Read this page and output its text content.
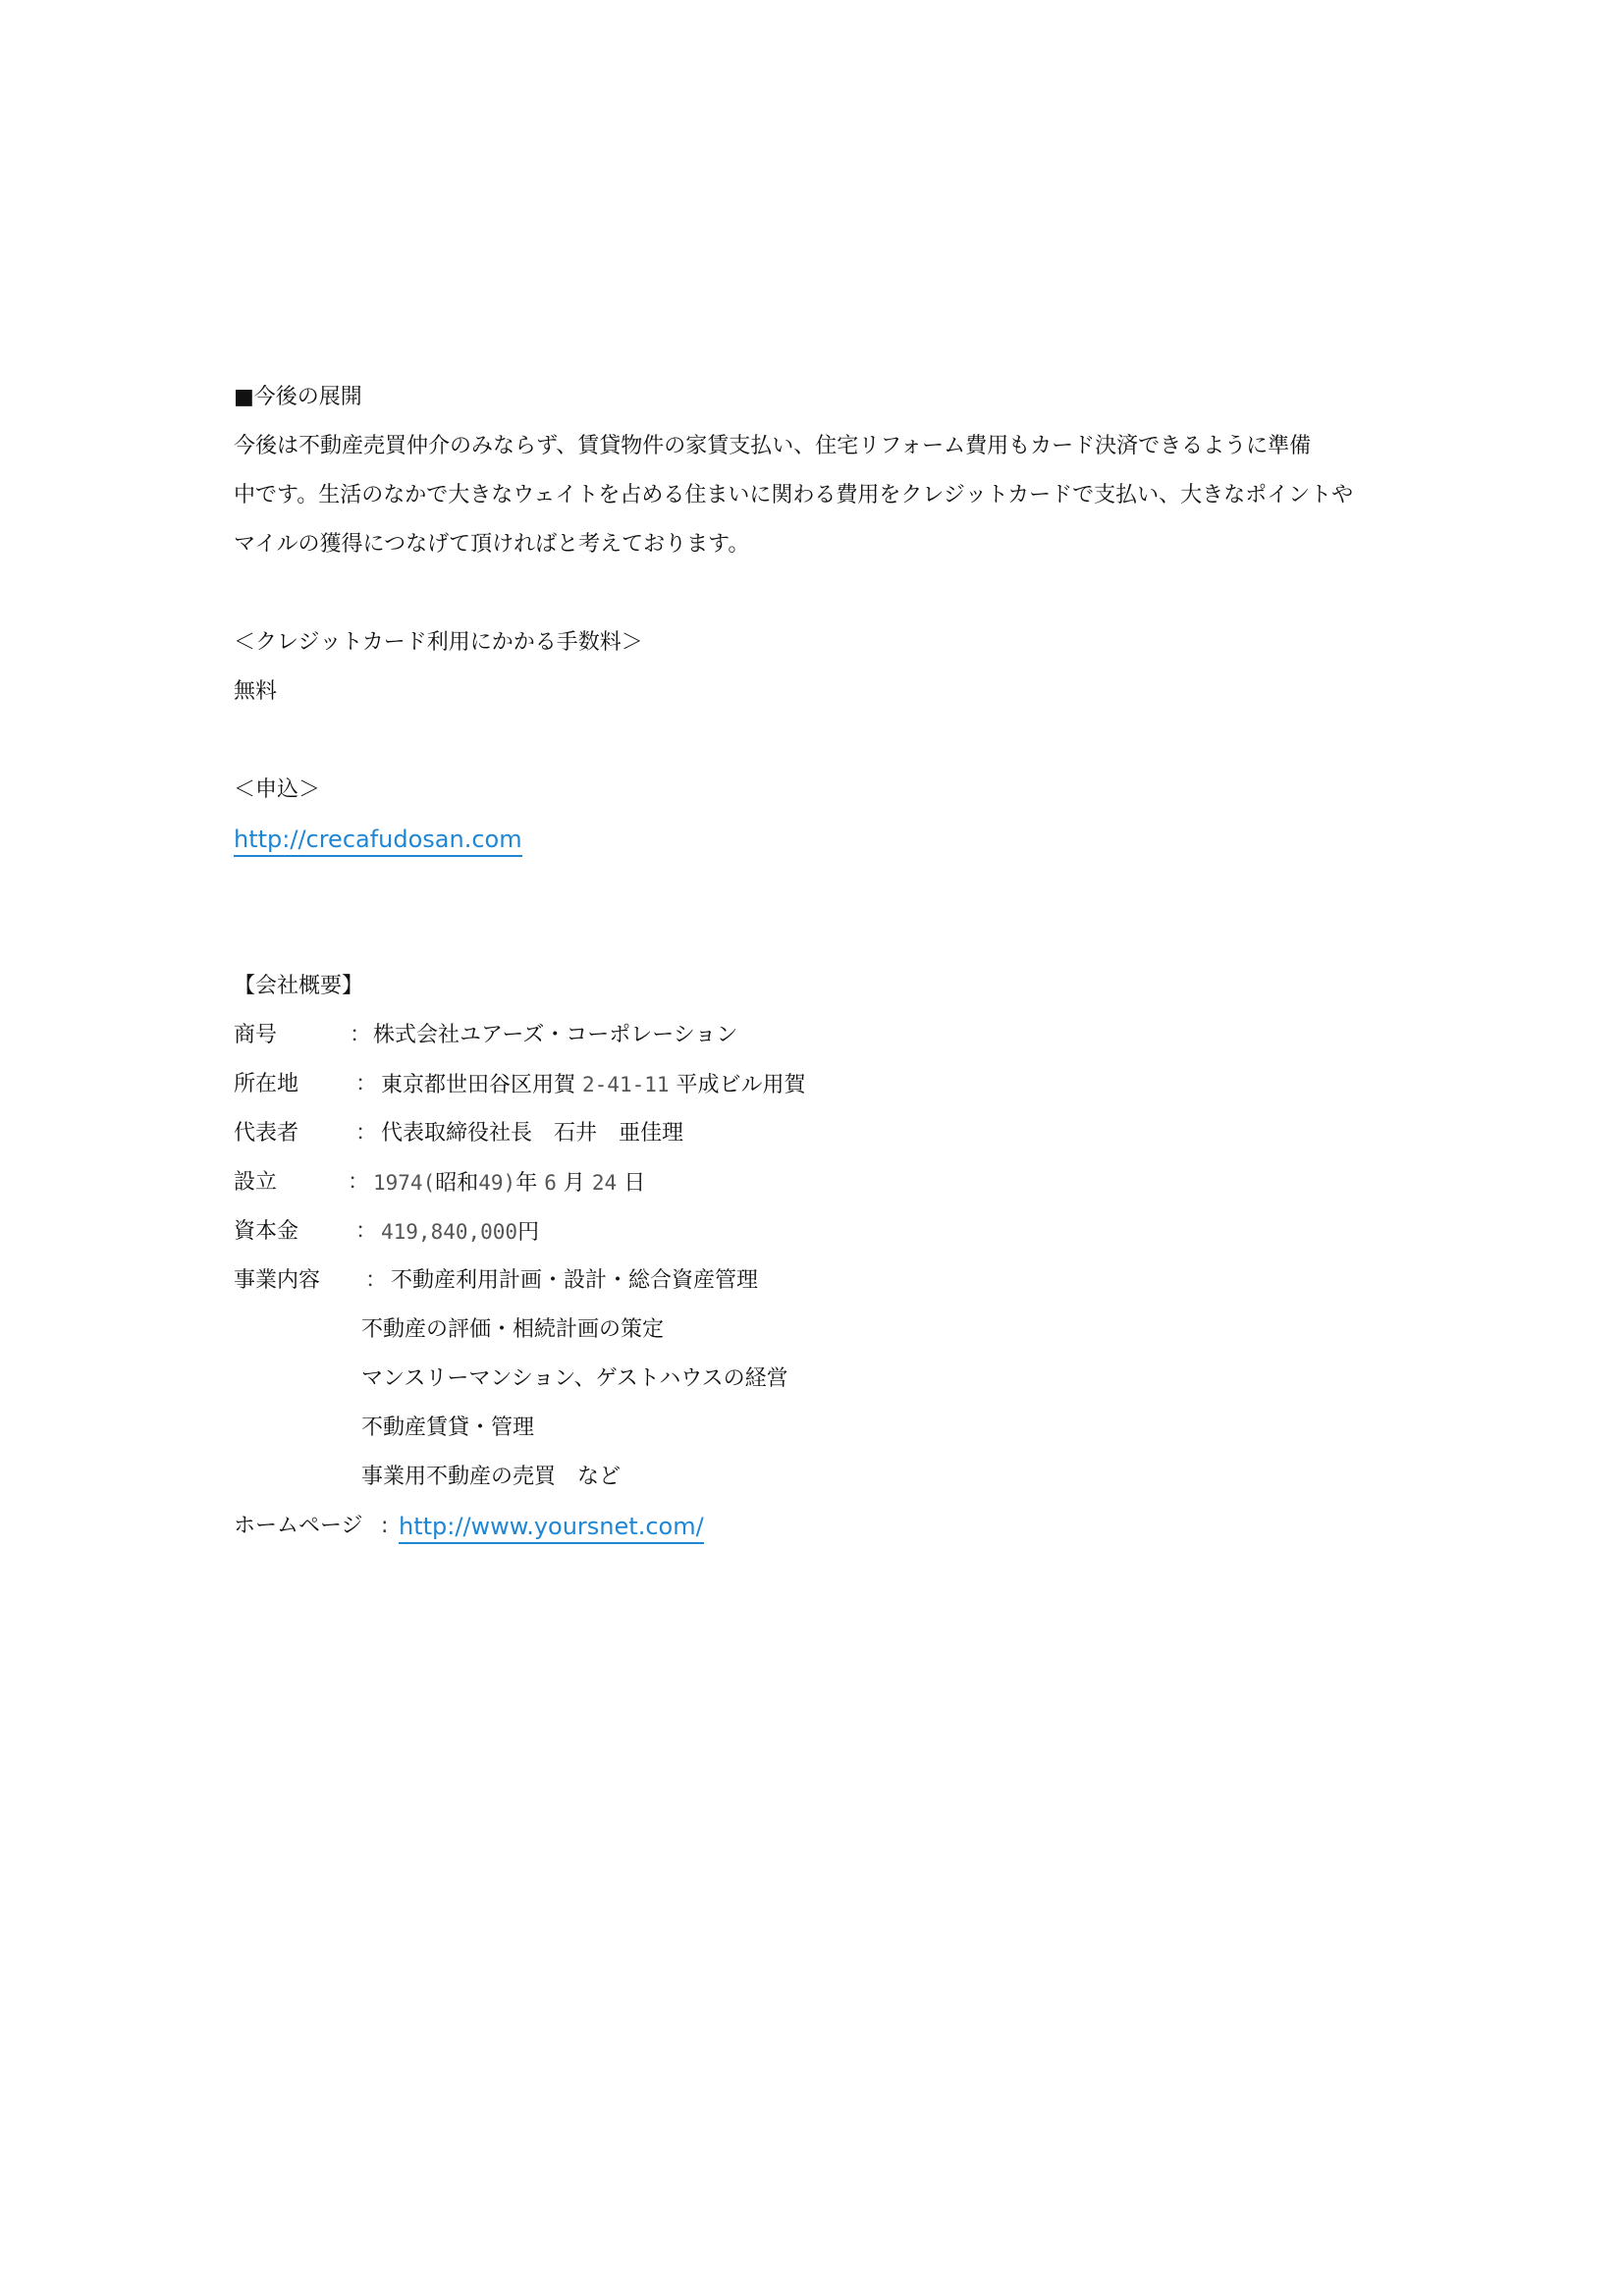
■今後の展開
今後は不動産売買仲介のみならず、賃貸物件の家賃支払い、住宅リフォーム費用もカード決済できるように準備
中です。生活のなかで大きなウェイトを占める住まいに関わる費用をクレジットカードで支払い、大きなポイントや
マイルの獲得につなげて頂ければと考えております。
＜クレジットカード利用にかかる手数料＞
無料
＜申込＞
http://crecafudosan.com
【会社概要】
商号	： 株式会社ユアーズ・コーポレーション
所在地	： 東京都世田谷区用賀 2-41-11 平成ビル用賀
代表者	： 代表取締役社長　石井　亜佳理
設立	： 1974(昭和49)年 6 月 24 日
資本金	： 419,840,000円
事業内容 ： 不動産利用計画・設計・総合資産管理
不動産の評価・相続計画の策定
マンスリーマンション、ゲストハウスの経営
不動産賃貸・管理
事業用不動産の売買　など
ホームページ : http://www.yoursnet.com/
